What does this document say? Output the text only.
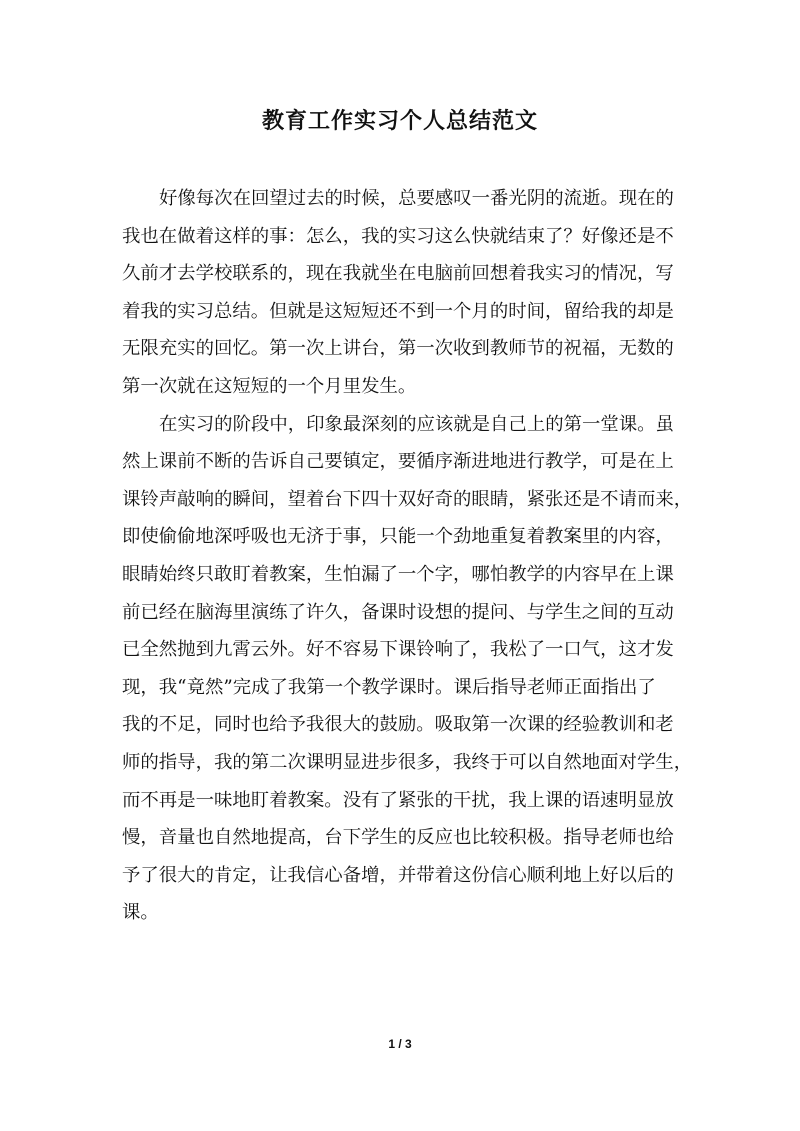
教育工作实习个人总结范文

好像每次在回望过去的时候，总要感叹一番光阴的流逝。现在的
我也在做着这样的事：怎么，我的实习这么快就结束了？好像还是不
久前才去学校联系的，现在我就坐在电脑前回想着我实习的情况，写
着我的实习总结。但就是这短短还不到一个月的时间，留给我的却是
无限充实的回忆。第一次上讲台，第一次收到教师节的祝福，无数的
第一次就在这短短的一个月里发生。

在实习的阶段中，印象最深刻的应该就是自己上的第一堂课。虽
然上课前不断的告诉自己要镇定，要循序渐进地进行教学，可是在上
课铃声敲响的瞬间，望着台下四十双好奇的眼睛，紧张还是不请而来，
即使偷偷地深呼吸也无济于事，只能一个劲地重复着教案里的内容，
眼睛始终只敢盯着教案，生怕漏了一个字，哪怕教学的内容早在上课
前已经在脑海里演练了许久，备课时设想的提问、与学生之间的互动
已全然抛到九霄云外。好不容易下课铃响了，我松了一口气，这才发
现，我“竟然”完成了我第一个教学课时。课后指导老师正面指出了
我的不足，同时也给予我很大的鼓励。吸取第一次课的经验教训和老
师的指导，我的第二次课明显进步很多，我终于可以自然地面对学生，
而不再是一味地盯着教案。没有了紧张的干扰，我上课的语速明显放
慢，音量也自然地提高，台下学生的反应也比较积极。指导老师也给
予了很大的肯定，让我信心备增，并带着这份信心顺利地上好以后的
课。

1 / 3
